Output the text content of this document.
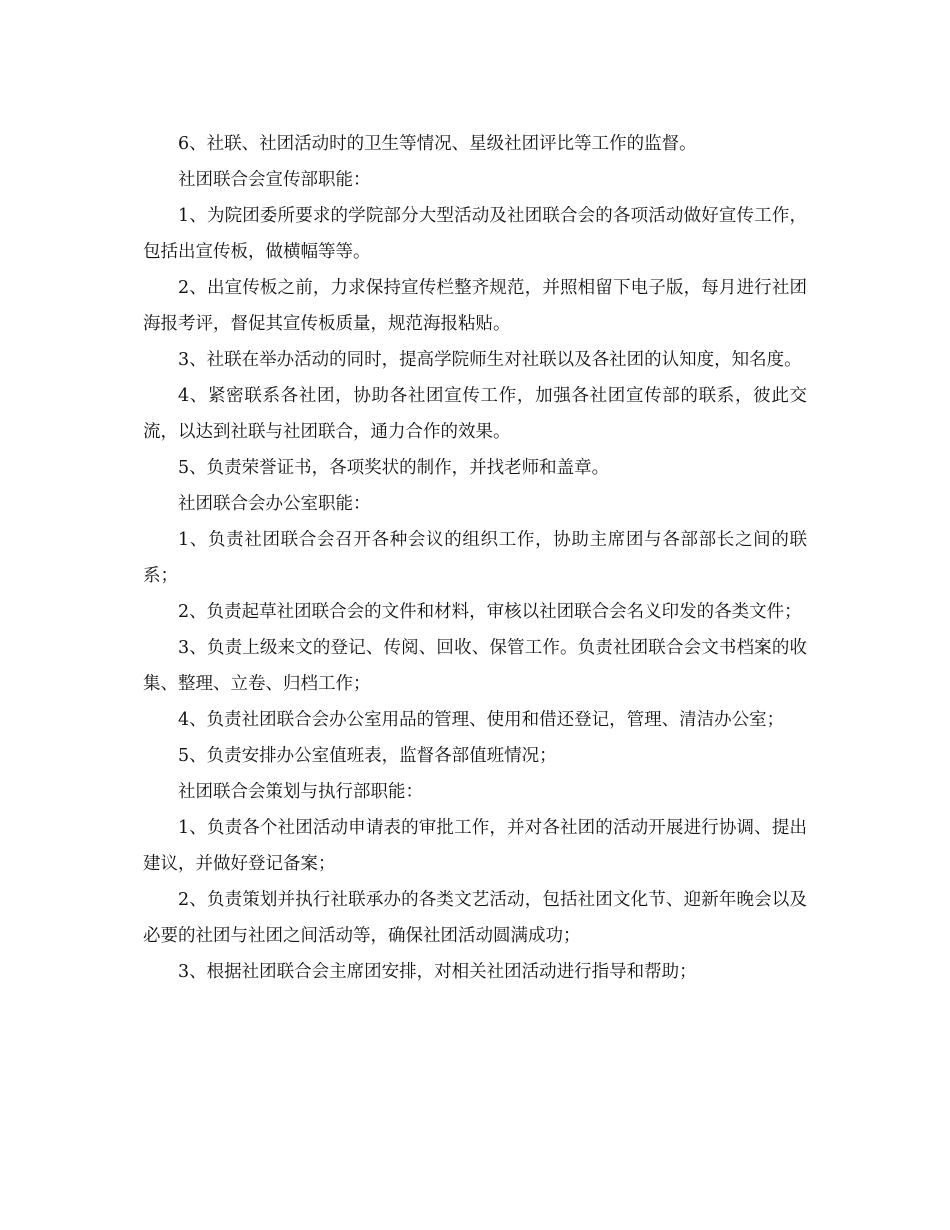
6、社联、社团活动时的卫生等情况、星级社团评比等工作的监督。

社团联合会宣传部职能：

1、为院团委所要求的学院部分大型活动及社团联合会的各项活动做好宣传工作，包括出宣传板，做横幅等等。

2、出宣传板之前，力求保持宣传栏整齐规范，并照相留下电子版，每月进行社团海报考评，督促其宣传板质量，规范海报粘贴。

3、社联在举办活动的同时，提高学院师生对社联以及各社团的认知度，知名度。

4、紧密联系各社团，协助各社团宣传工作，加强各社团宣传部的联系，彼此交流，以达到社联与社团联合，通力合作的效果。

5、负责荣誉证书，各项奖状的制作，并找老师和盖章。

社团联合会办公室职能：

1、负责社团联合会召开各种会议的组织工作，协助主席团与各部部长之间的联系；

2、负责起草社团联合会的文件和材料，审核以社团联合会名义印发的各类文件；

3、负责上级来文的登记、传阅、回收、保管工作。负责社团联合会文书档案的收集、整理、立卷、归档工作；

4、负责社团联合会办公室用品的管理、使用和借还登记，管理、清洁办公室；

5、负责安排办公室值班表，监督各部值班情况；

社团联合会策划与执行部职能：

1、负责各个社团活动申请表的审批工作，并对各社团的活动开展进行协调、提出建议，并做好登记备案；

2、负责策划并执行社联承办的各类文艺活动，包括社团文化节、迎新年晚会以及必要的社团与社团之间活动等，确保社团活动圆满成功；

3、根据社团联合会主席团安排，对相关社团活动进行指导和帮助；
